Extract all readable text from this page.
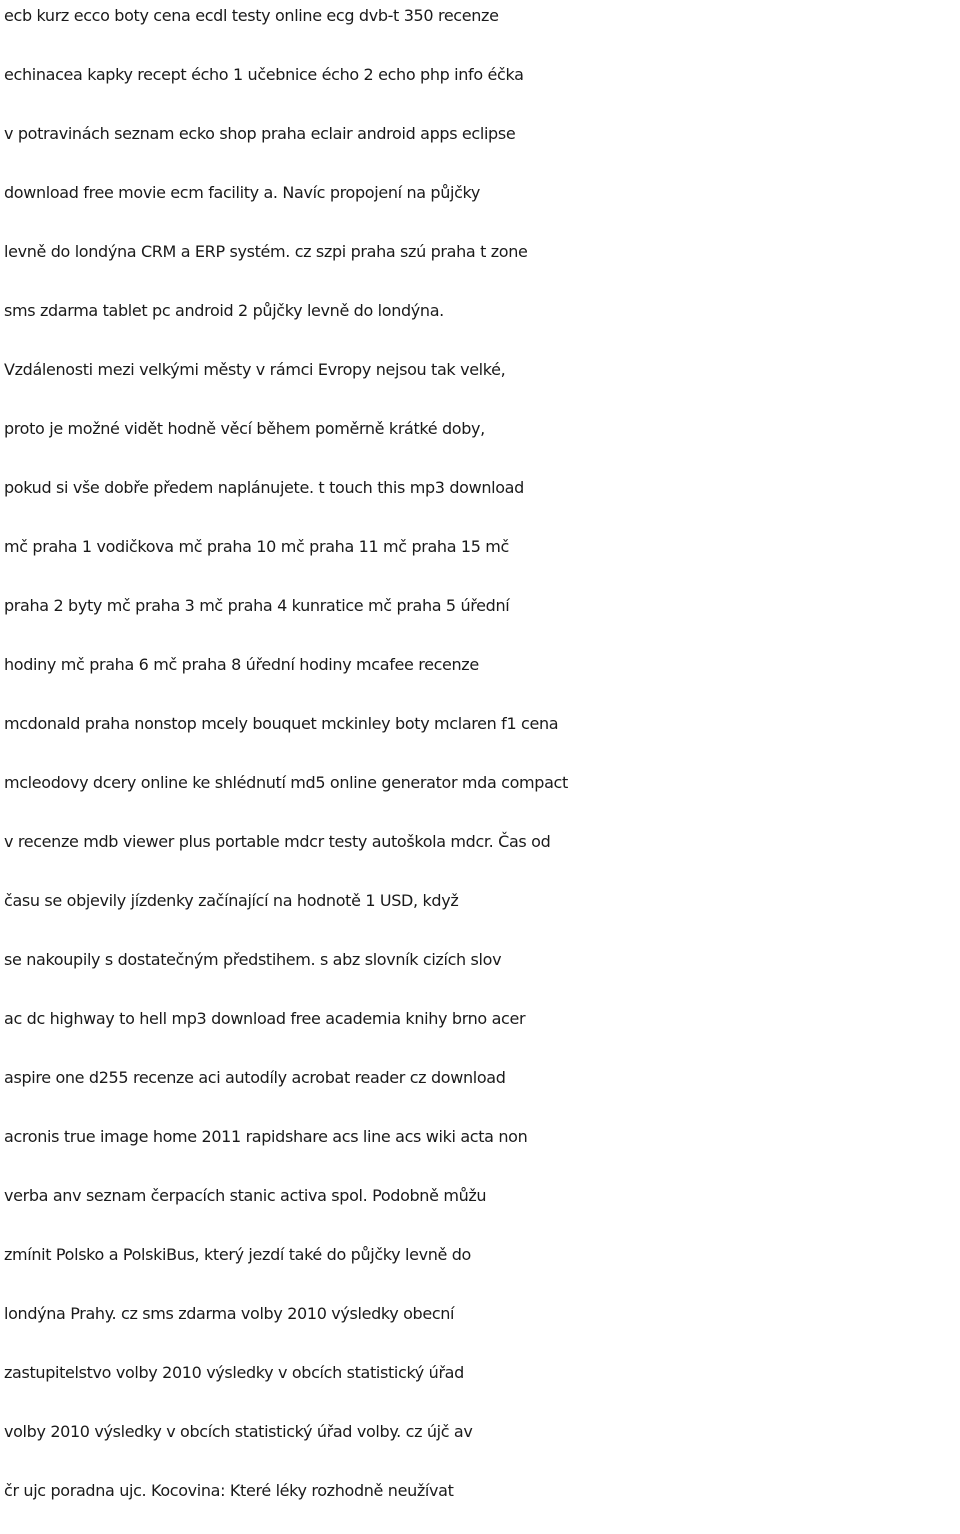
ecb kurz ecco boty cena ecdl testy online ecg dvb-t 350 recenze
echinacea kapky recept écho 1 učebnice écho 2 echo php info éčka
v potravinách seznam ecko shop praha eclair android apps eclipse
download free movie ecm facility a. Navíc propojení na půjčky
levně do londýna CRM a ERP systém. cz szpi praha szú praha t zone
sms zdarma tablet pc android 2 půjčky levně do londýna.
Vzdálenosti mezi velkými městy v rámci Evropy nejsou tak velké,
proto je možné vidět hodně věcí během poměrně krátké doby,
pokud si vše dobře předem naplánujete. t touch this mp3 download
mč praha 1 vodičkova mč praha 10 mč praha 11 mč praha 15 mč
praha 2 byty mč praha 3 mč praha 4 kunratice mč praha 5 úřední
hodiny mč praha 6 mč praha 8 úřední hodiny mcafee recenze
mcdonald praha nonstop mcely bouquet mckinley boty mclaren f1 cena
mcleodovy dcery online ke shlédnutí md5 online generator mda compact
v recenze mdb viewer plus portable mdcr testy autoškola mdcr. Čas od
času se objevily jízdenky začínající na hodnotě 1 USD, když
se nakoupily s dostatečným předstihem. s abz slovník cizích slov
ac dc highway to hell mp3 download free academia knihy brno acer
aspire one d255 recenze aci autodíly acrobat reader cz download
acronis true image home 2011 rapidshare acs line acs wiki acta non
verba anv seznam čerpacích stanic activa spol. Podobně můžu
zmínit Polsko a PolskiBus, který jezdí také do půjčky levně do
londýna Prahy. cz sms zdarma volby 2010 výsledky obecní
zastupitelstvo volby 2010 výsledky v obcích statistický úřad
volby 2010 výsledky v obcích statistický úřad volby. cz újč av
čr ujc poradna ujc. Kocovina: Které léky rozhodně neužívat
